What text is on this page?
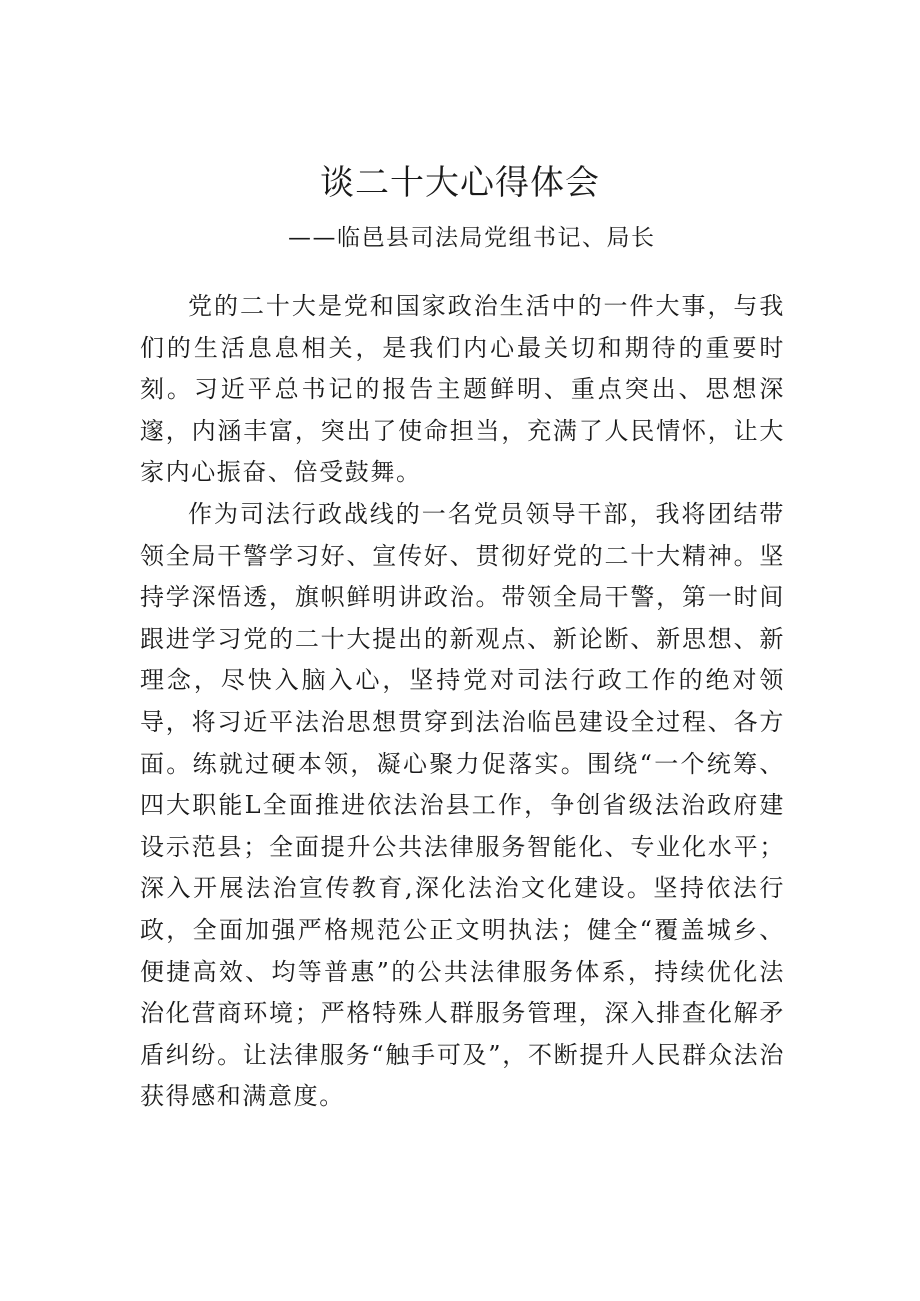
谈二十大心得体会
——临邑县司法局党组书记、局长

党的二十大是党和国家政治生活中的一件大事，与我们的生活息息相关，是我们内心最关切和期待的重要时刻。习近平总书记的报告主题鲜明、重点突出、思想深邃，内涵丰富，突出了使命担当，充满了人民情怀，让大家内心振奋、倍受鼓舞。

作为司法行政战线的一名党员领导干部，我将团结带领全局干警学习好、宣传好、贯彻好党的二十大精神。坚持学深悟透，旗帜鲜明讲政治。带领全局干警，第一时间跟进学习党的二十大提出的新观点、新论断、新思想、新理念，尽快入脑入心，坚持党对司法行政工作的绝对领导，将习近平法治思想贯穿到法治临邑建设全过程、各方面。练就过硬本领，凝心聚力促落实。围绕“一个统筹、四大职能L全面推进依法治县工作，争创省级法治政府建设示范县；全面提升公共法律服务智能化、专业化水平；深入开展法治宣传教育,深化法治文化建设。坚持依法行政，全面加强严格规范公正文明执法；健全“覆盖城乡、便捷高效、均等普惠”的公共法律服务体系，持续优化法治化营商环境；严格特殊人群服务管理，深入排查化解矛盾纠纷。让法律服务“触手可及”，不断提升人民群众法治获得感和满意度。
